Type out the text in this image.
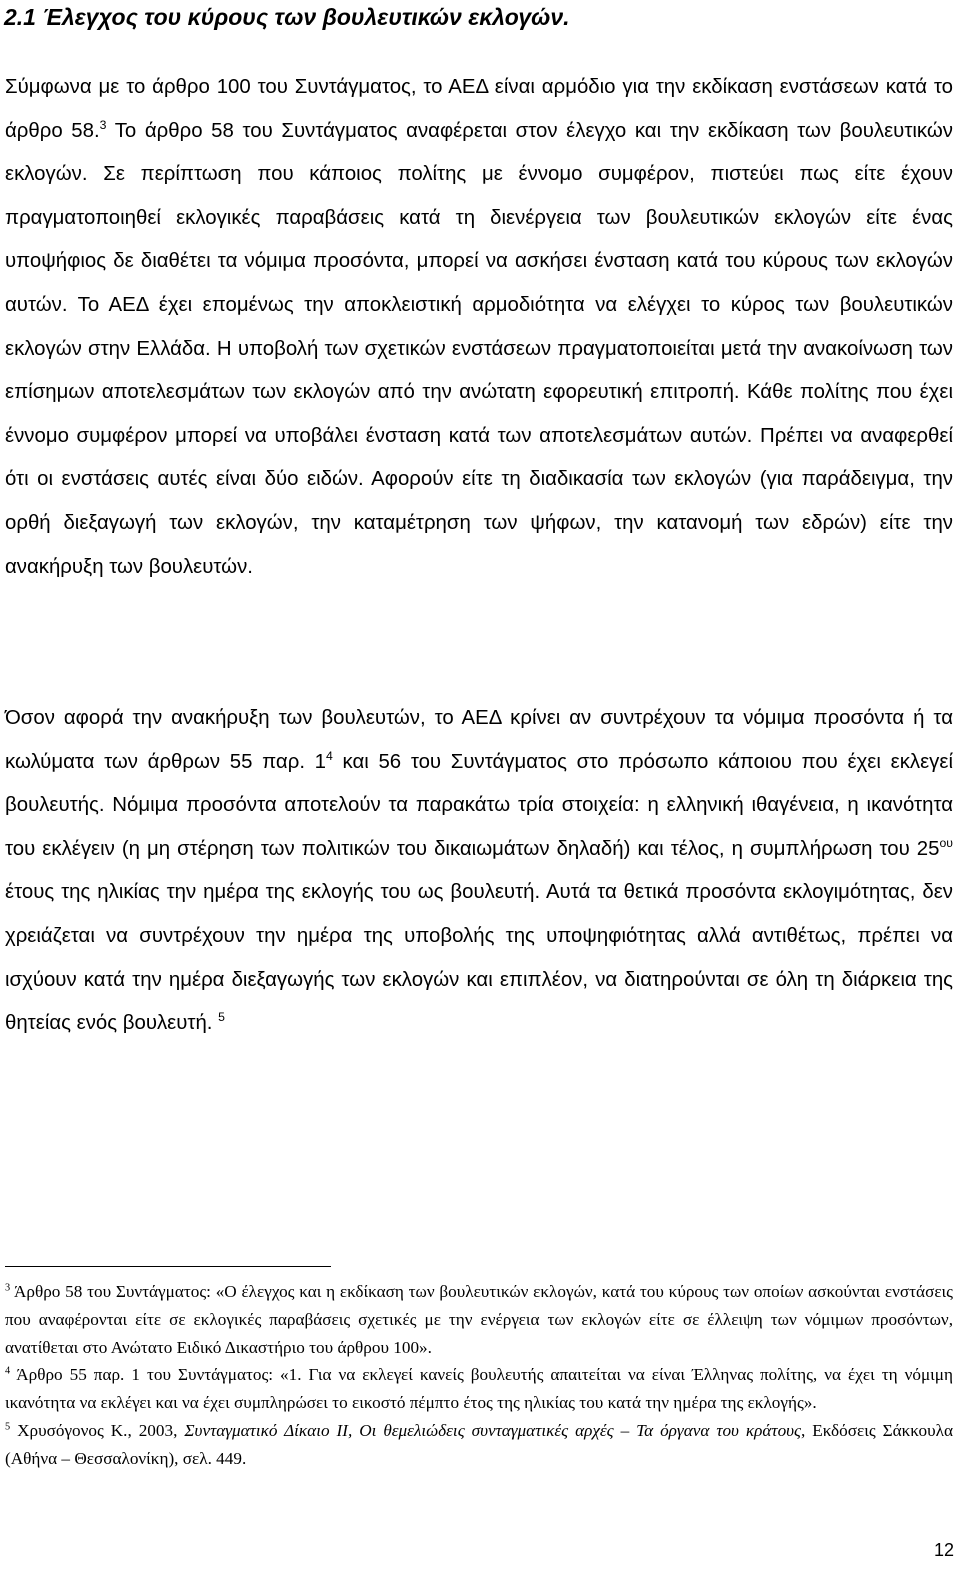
2.1 Έλεγχος του κύρους των βουλευτικών εκλογών.
Σύμφωνα με το άρθρο 100 του Συντάγματος, το ΑΕΔ είναι αρμόδιο για την εκδίκαση ενστάσεων κατά το άρθρο 58.$^3$ Το άρθρο 58 του Συντάγματος αναφέρεται στον έλεγχο και την εκδίκαση των βουλευτικών εκλογών. Σε περίπτωση που κάποιος πολίτης με έννομο συμφέρον, πιστεύει πως είτε έχουν πραγματοποιηθεί εκλογικές παραβάσεις κατά τη διενέργεια των βουλευτικών εκλογών είτε ένας υποψήφιος δε διαθέτει τα νόμιμα προσόντα, μπορεί να ασκήσει ένσταση κατά του κύρους των εκλογών αυτών. Το ΑΕΔ έχει επομένως την αποκλειστική αρμοδιότητα να ελέγχει το κύρος των βουλευτικών εκλογών στην Ελλάδα. Η υποβολή των σχετικών ενστάσεων πραγματοποιείται μετά την ανακοίνωση των επίσημων αποτελεσμάτων των εκλογών από την ανώτατη εφορευτική επιτροπή. Κάθε πολίτης που έχει έννομο συμφέρον μπορεί να υποβάλει ένσταση κατά των αποτελεσμάτων αυτών. Πρέπει να αναφερθεί ότι οι ενστάσεις αυτές είναι δύο ειδών. Αφορούν είτε τη διαδικασία των εκλογών (για παράδειγμα, την ορθή διεξαγωγή των εκλογών, την καταμέτρηση των ψήφων, την κατανομή των εδρών) είτε την ανακήρυξη των βουλευτών.
Όσον αφορά την ανακήρυξη των βουλευτών, το ΑΕΔ κρίνει αν συντρέχουν τα νόμιμα προσόντα ή τα κωλύματα των άρθρων 55 παρ. $1^4$ και 56 του Συντάγματος στο πρόσωπο κάποιου που έχει εκλεγεί βουλευτής. Νόμιμα προσόντα αποτελούν τα παρακάτω τρία στοιχεία: η ελληνική ιθαγένεια, η ικανότητα του εκλέγειν (η μη στέρηση των πολιτικών του δικαιωμάτων δηλαδή) και τέλος, η συμπλήρωση του $25^{o\upsilon}$ έτους της ηλικίας την ημέρα της εκλογής του ως βουλευτή. Αυτά τα θετικά προσόντα εκλογιμότητας, δεν χρειάζεται να συντρέχουν την ημέρα της υποβολής της υποψηφιότητας αλλά αντιθέτως, πρέπει να ισχύουν κατά την ημέρα διεξαγωγής των εκλογών και επιπλέον, να διατηρούνται σε όλη τη διάρκεια της θητείας ενός βουλευτή. $^5$

$^3$ Άρθρο 58 του Συντάγματος: «Ο έλεγχος και η εκδίκαση των βουλευτικών εκλογών, κατά του κύρους των οποίων ασκούνται ενστάσεις που αναφέρονται είτε σε εκλογικές παραβάσεις σχετικές με την ενέργεια των εκλογών είτε σε έλλειψη των νόμιμων προσόντων, ανατίθεται στο Ανώτατο Ειδικό Δικαστήριο του άρθρου 100».

$^4$ Άρθρο 55 παρ. 1 του Συντάγματος: «1. Για να εκλεγεί κανείς βουλευτής απαιτείται να είναι Έλληνας πολίτης, να έχει τη νόμιμη ικανότητα να εκλέγει και να έχει συμπληρώσει το εικοστό πέμπτο έτος της ηλικίας του κατά την ημέρα της εκλογής».

$^5$ Χρυσόγονος Κ., 2003, Συνταγματικό Δίκαιο ΙΙ, Οι θεμελιώδεις συνταγματικές αρχές – Τα όργανα του κράτους, Εκδόσεις Σάκκουλα (Αθήνα – Θεσσαλονίκη), σελ. 449.

12
